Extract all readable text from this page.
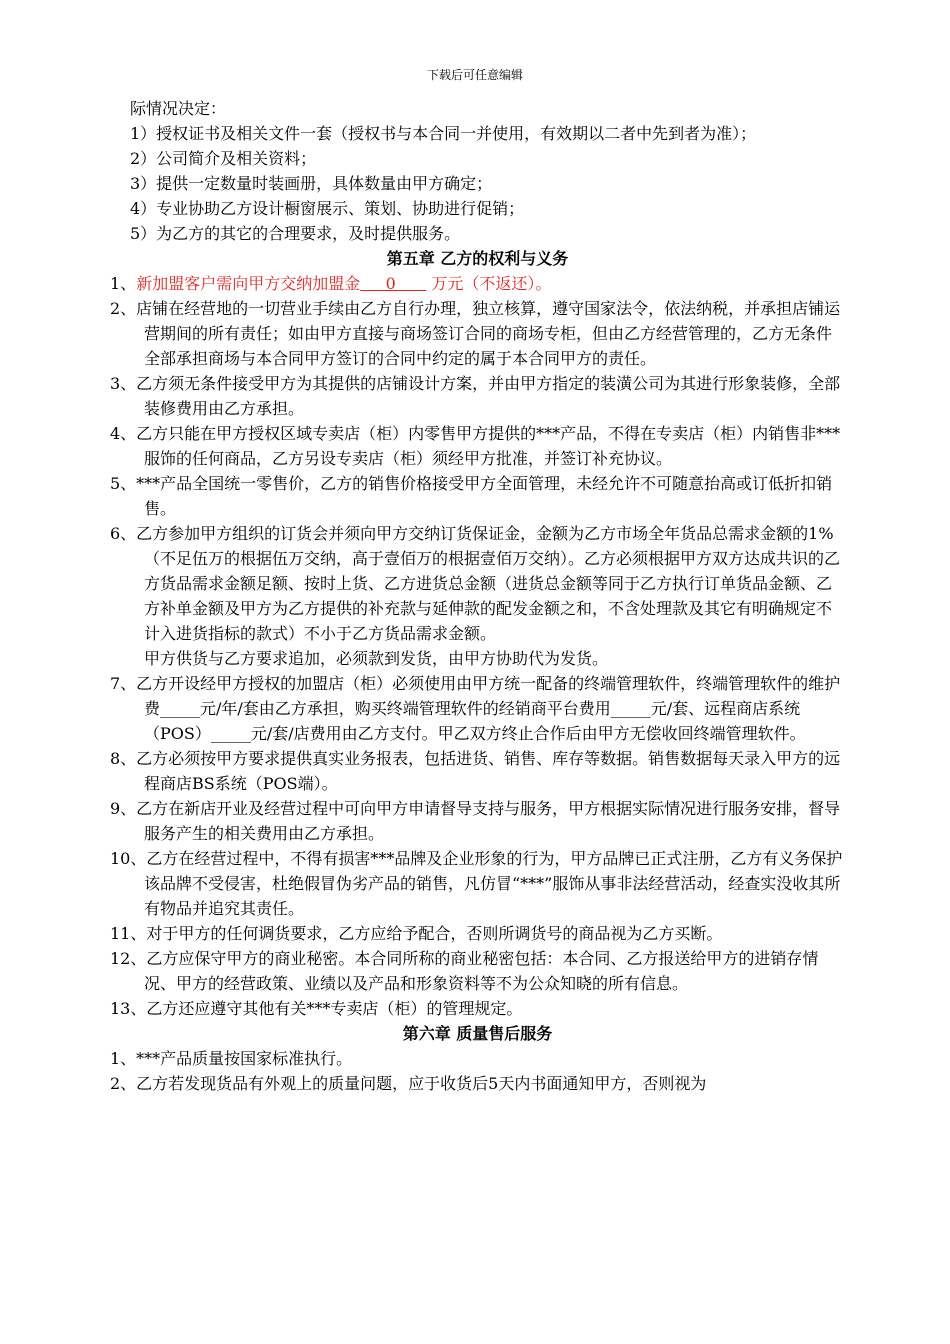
下载后可任意编辑

际情况决定：

1）授权证书及相关文件一套（授权书与本合同一并使用，有效期以二者中先到者为准）；

2）公司简介及相关资料；

3）提供一定数量时装画册，具体数量由甲方确定；

4）专业协助乙方设计橱窗展示、策划、协助进行促销；

5）为乙方的其它的合理要求，及时提供服务。

第五章 乙方的权利与义务

1、新加盟客户需向甲方交纳加盟金     0       万元（不返还）。

2、店铺在经营地的一切营业手续由乙方自行办理，独立核算，遵守国家法令，依法纳税，并承担店铺运营期间的所有责任；如由甲方直接与商场签订合同的商场专柜，但由乙方经营管理的，乙方无条件全部承担商场与本合同甲方签订的合同中约定的属于本合同甲方的责任。

3、乙方须无条件接受甲方为其提供的店铺设计方案，并由甲方指定的装潢公司为其进行形象装修，全部装修费用由乙方承担。

4、乙方只能在甲方授权区域专卖店（柜）内零售甲方提供的***产品，不得在专卖店（柜）内销售非***服饰的任何商品，乙方另设专卖店（柜）须经甲方批准，并签订补充协议。

5、***产品全国统一零售价，乙方的销售价格接受甲方全面管理，未经允许不可随意抬高或订低折扣销售。

6、乙方参加甲方组织的订货会并须向甲方交纳订货保证金，金额为乙方市场全年货品总需求金额的1%（不足伍万的根据伍万交纳，高于壹佰万的根据壹佰万交纳）。乙方必须根据甲方双方达成共识的乙方货品需求金额足额、按时上货、乙方进货总金额（进货总金额等同于乙方执行订单货品金额、乙方补单金额及甲方为乙方提供的补充款与延伸款的配发金额之和，不含处理款及其它有明确规定不计入进货指标的款式）不小于乙方货品需求金额。

甲方供货与乙方要求追加，必须款到发货，由甲方协助代为发货。

7、乙方开设经甲方授权的加盟店（柜）必须使用由甲方统一配备的终端管理软件，终端管理软件的维护费_____元/年/套由乙方承担，购买终端管理软件的经销商平台费用_____元/套、远程商店系统（POS）_____元/套/店费用由乙方支付。甲乙双方终止合作后由甲方无偿收回终端管理软件。

8、乙方必须按甲方要求提供真实业务报表，包括进货、销售、库存等数据。销售数据每天录入甲方的远程商店BS系统（POS端）。

9、乙方在新店开业及经营过程中可向甲方申请督导支持与服务，甲方根据实际情况进行服务安排，督导服务产生的相关费用由乙方承担。

10、乙方在经营过程中，不得有损害***品牌及企业形象的行为，甲方品牌已正式注册，乙方有义务保护该品牌不受侵害，杜绝假冒伪劣产品的销售，凡仿冒“***”服饰从事非法经营活动，经查实没收其所有物品并追究其责任。

11、对于甲方的任何调货要求，乙方应给予配合，否则所调货号的商品视为乙方买断。

12、乙方应保守甲方的商业秘密。本合同所称的商业秘密包括：本合同、乙方报送给甲方的进销存情况、甲方的经营政策、业绩以及产品和形象资料等不为公众知晓的所有信息。

13、乙方还应遵守其他有关***专卖店（柜）的管理规定。

第六章 质量售后服务

1、***产品质量按国家标准执行。

2、乙方若发现货品有外观上的质量问题，应于收货后5天内书面通知甲方，否则视为
